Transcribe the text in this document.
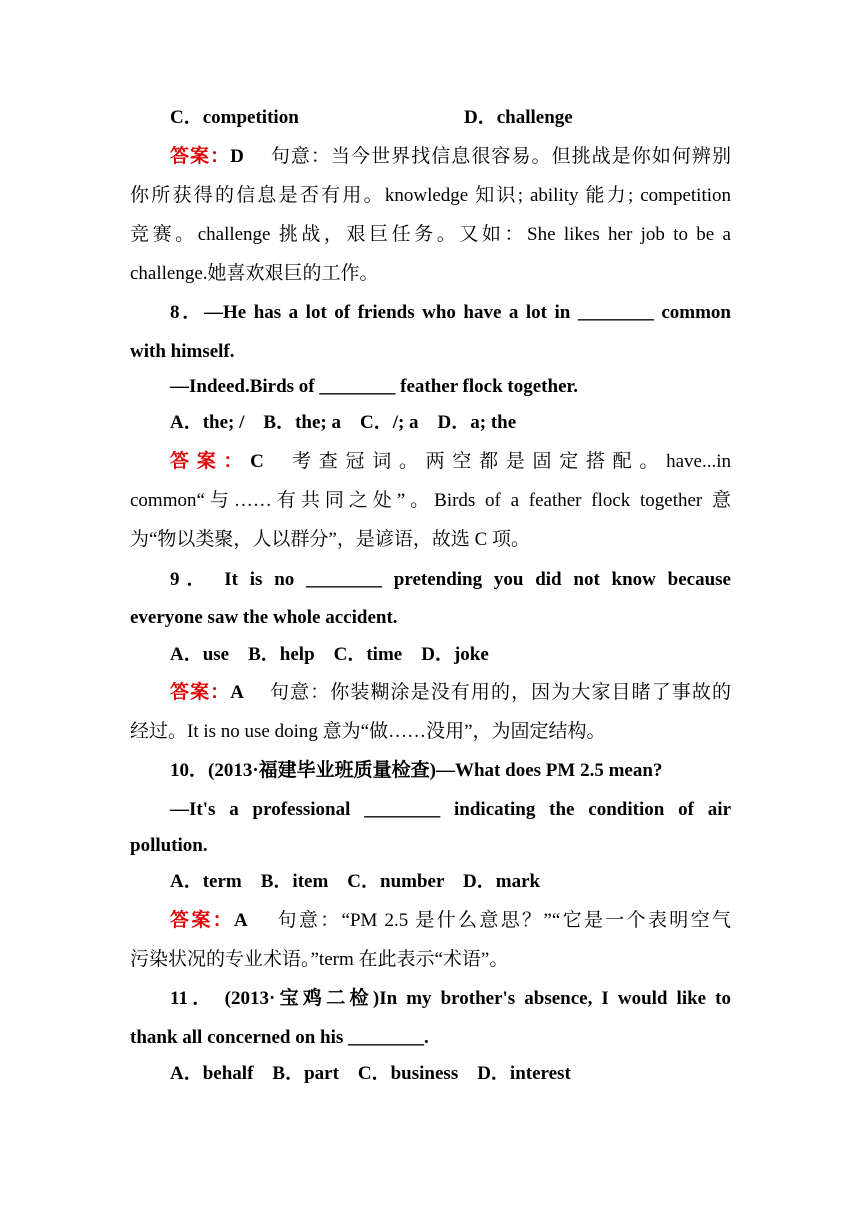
C．competition	D．challenge
答案：D　 句意：当今世界找信息很容易。但挑战是你如何辨别
你所获得的信息是否有用。knowledge 知识; ability 能力; competition
竞赛。challenge 挑战，艰巨任务。又如：She likes her job to be a
challenge.她喜欢艰巨的工作。
8．—He has a lot of friends who have a lot in ________ common
with himself.
—Indeed.Birds of ________ feather flock together.
A．the; /　B．the; a　C．/; a　D．a; the
答 案 ： C　 考 查 冠 词 。 两 空 都 是 固 定 搭 配 。 have...in
common“与……有共同之处”。Birds of a feather flock together 意
为“物以类聚，人以群分”，是谚语，故选 C 项。
9． It is no ________ pretending you did not know because
everyone saw the whole accident.
A．use　B．help　C．time　D．joke
答案：A　 句意：你装糊涂是没有用的，因为大家目睹了事故的
经过。It is no use doing 意为“做……没用”，为固定结构。
10．(2013·福建毕业班质量检查)—What does PM 2.5 mean?
—It's a professional ________ indicating the condition of air
pollution.
A．term　B．item　C．number　D．mark
答案：A　 句意：“PM 2.5 是什么意思？”“它是一个表明空气
污染状况的专业术语。”term 在此表示“术语”。
11． (2013·宝鸡二检)In my brother's absence, I would like to
thank all concerned on his ________.
A．behalf　B．part　C．business　D．interest
